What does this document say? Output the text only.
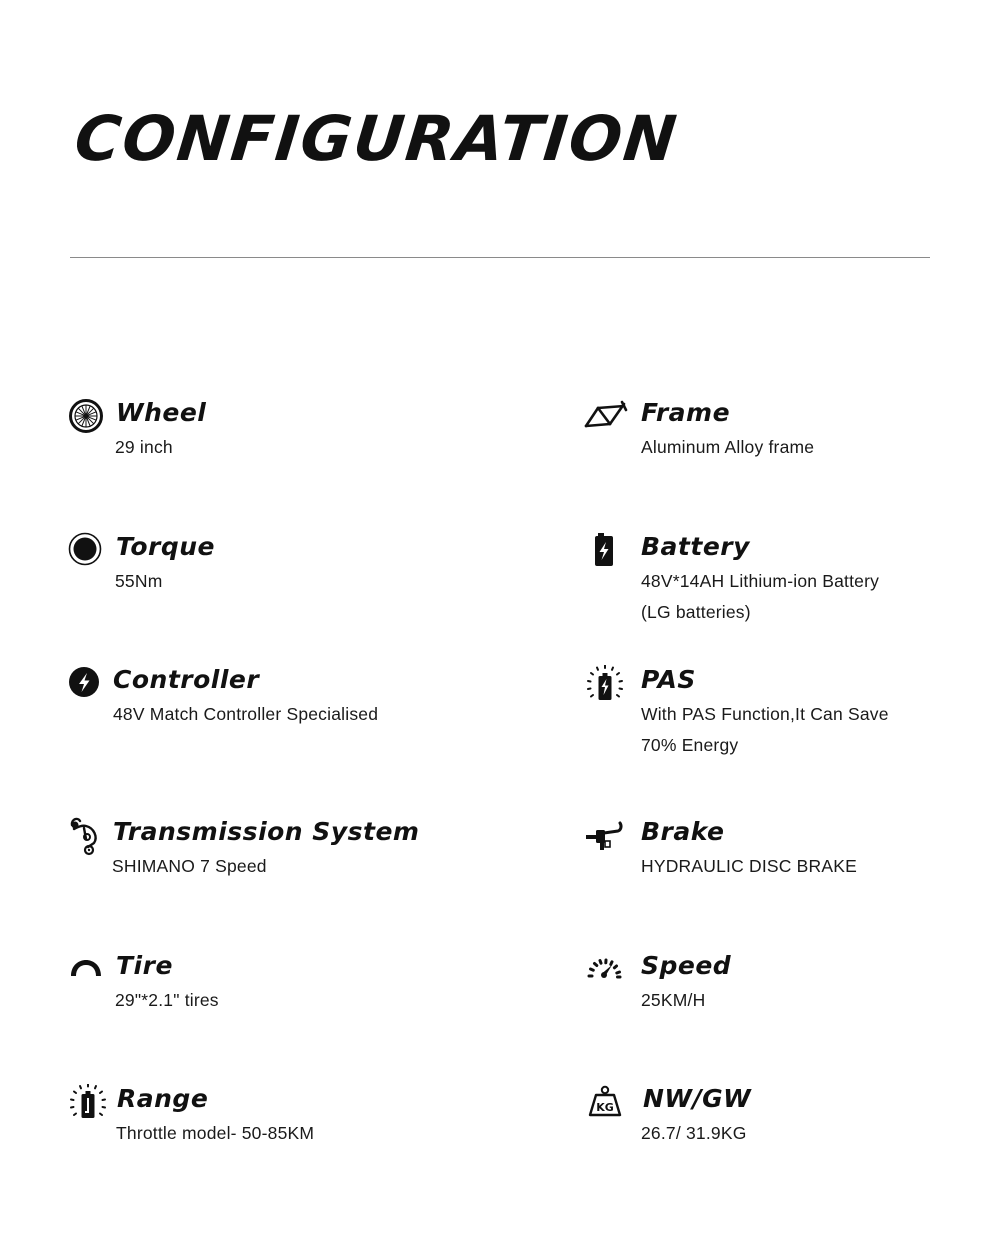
CONFIGURATION
Wheel
29 inch
Frame
Aluminum Alloy frame
Torque
55Nm
Battery
48V*14AH Lithium-ion Battery
(LG batteries)
Controller
48V Match Controller Specialised
PAS
With PAS Function,It Can Save
70% Energy
Transmission System
SHIMANO 7 Speed
Brake
HYDRAULIC DISC BRAKE
Tire
29"*2.1" tires
Speed
25KM/H
Range
Throttle model- 50-85KM
KG NW/GW
26.7/ 31.9KG
